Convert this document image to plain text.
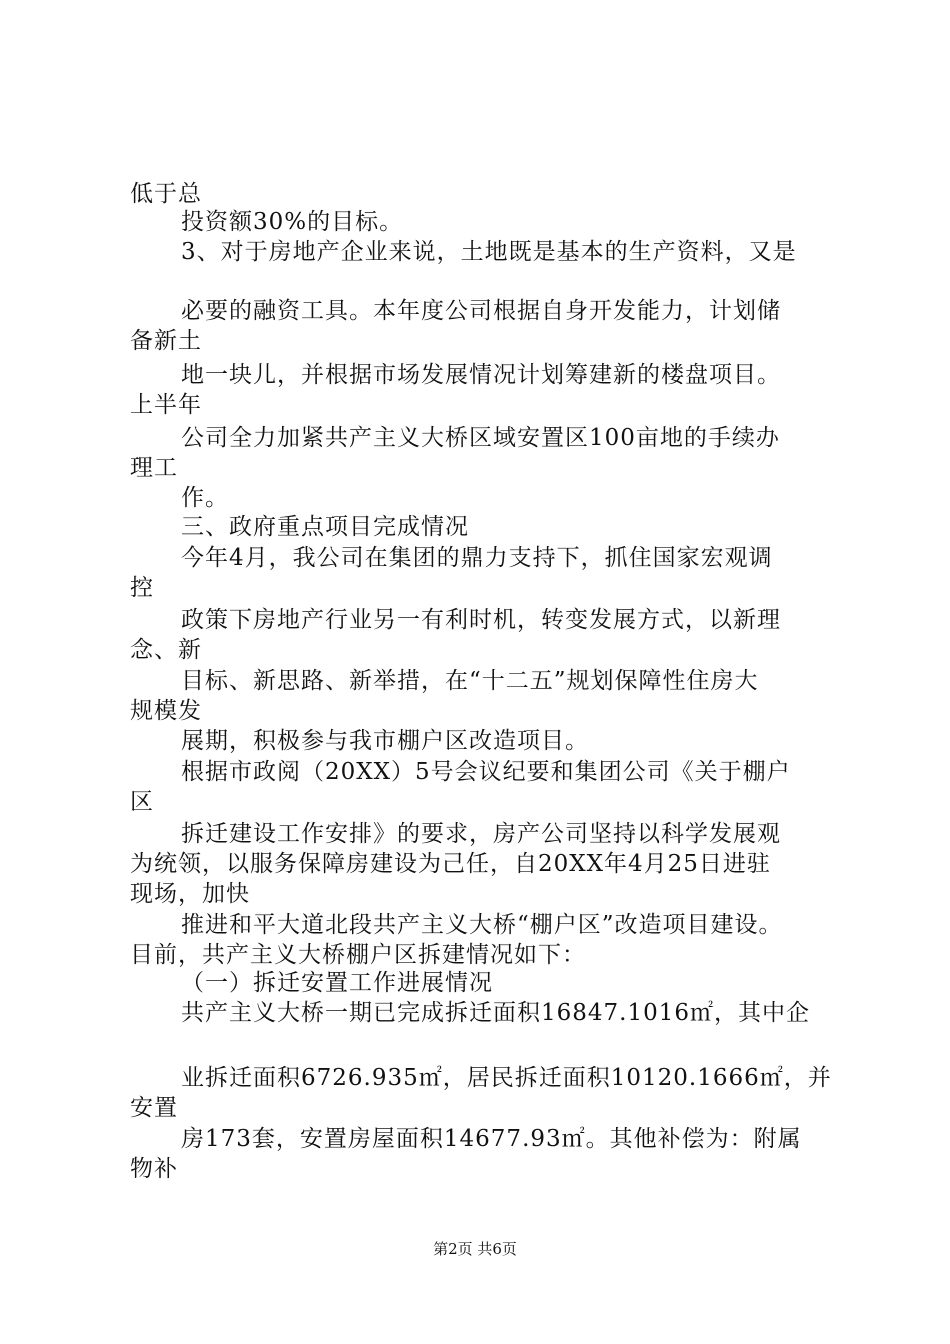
低于总
投资额30%的目标。
3、对于房地产企业来说，土地既是基本的生产资料，又是
必要的融资工具。本年度公司根据自身开发能力，计划储
备新土
地一块儿，并根据市场发展情况计划筹建新的楼盘项目。
上半年
公司全力加紧共产主义大桥区域安置区100亩地的手续办
理工
作。
三、政府重点项目完成情况
今年4月，我公司在集团的鼎力支持下，抓住国家宏观调
控
政策下房地产行业另一有利时机，转变发展方式，以新理
念、新
目标、新思路、新举措，在“十二五”规划保障性住房大
规模发
展期，积极参与我市棚户区改造项目。
根据市政阅（20XX）5号会议纪要和集团公司《关于棚户
区
拆迁建设工作安排》的要求，房产公司坚持以科学发展观
为统领，以服务保障房建设为己任，自20XX年4月25日进驻
现场，加快
推进和平大道北段共产主义大桥“棚户区”改造项目建设。
目前，共产主义大桥棚户区拆建情况如下：
（一）拆迁安置工作进展情况
共产主义大桥一期已完成拆迁面积16847.1016㎡，其中企
业拆迁面积6726.935㎡，居民拆迁面积10120.1666㎡，并
安置
房173套，安置房屋面积14677.93㎡。其他补偿为：附属
物补
第2页 共6页
